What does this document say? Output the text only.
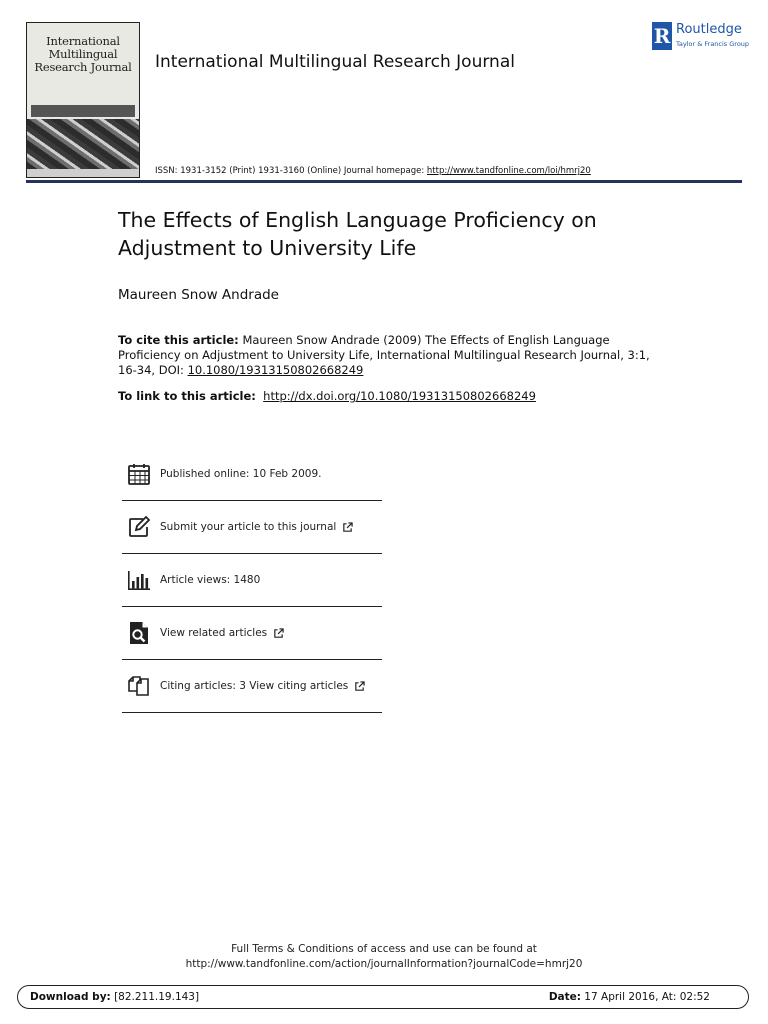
International Multilingual Research Journal	International Multilingual Research Journal
ISSN: 1931-3152 (Print) 1931-3160 (Online) Journal homepage: http://www.tandfonline.com/loi/hmrj20
R Routledge
Taylor & Francis Group
The Effects of English Language Proficiency on Adjustment to University Life
Maureen Snow Andrade
To cite this article: Maureen Snow Andrade (2009) The Effects of English Language Proficiency on Adjustment to University Life, International Multilingual Research Journal, 3:1, 16-34, DOI: 10.1080/19313150802668249
To link to this article: http://dx.doi.org/10.1080/19313150802668249
Published online: 10 Feb 2009.
Submit your article to this journal
Article views: 1480
View related articles
Citing articles: 3 View citing articles
Full Terms & Conditions of access and use can be found at
http://www.tandfonline.com/action/journalInformation?journalCode=hmrj20
Download by: [82.211.19.143]	Date: 17 April 2016, At: 02:52
